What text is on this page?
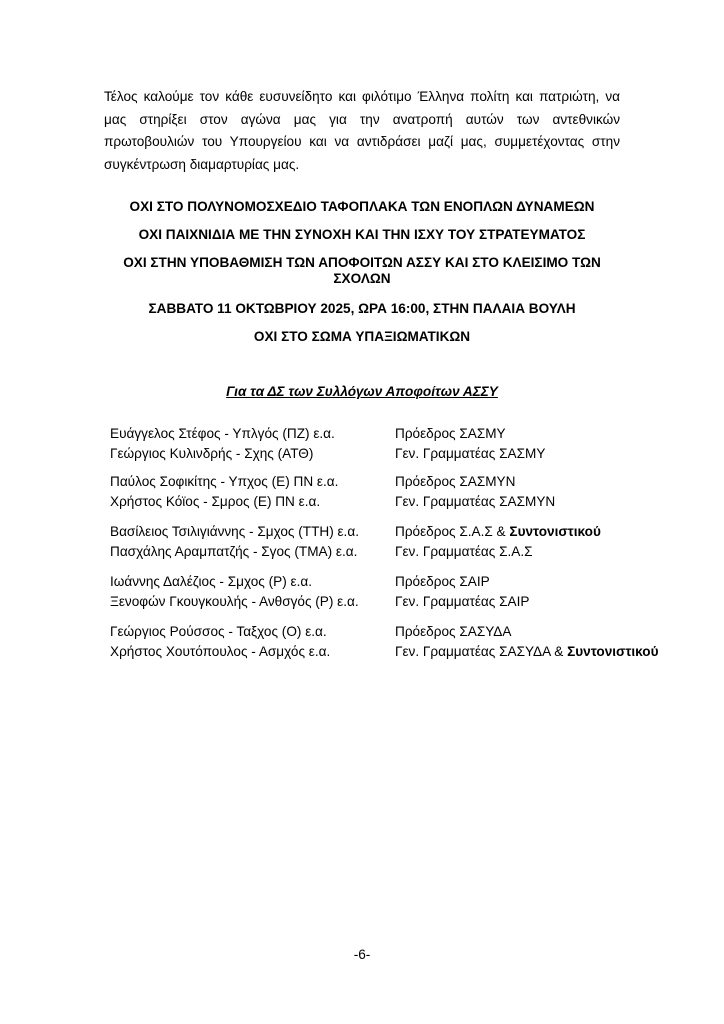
Τέλος καλούμε τον κάθε ευσυνείδητο και φιλότιμο Έλληνα πολίτη και πατριώτη, να μας στηρίξει στον αγώνα μας για την ανατροπή αυτών των αντεθνικών πρωτοβουλιών του Υπουργείου και να αντιδράσει μαζί μας, συμμετέχοντας στην συγκέντρωση διαμαρτυρίας μας.

ΟΧΙ ΣΤΟ ΠΟΛΥΝΟΜΟΣΧΕΔΙΟ ΤΑΦΟΠΛΑΚΑ ΤΩΝ ΕΝΟΠΛΩΝ ΔΥΝΑΜΕΩΝ

ΟΧΙ ΠΑΙΧΝΙΔΙΑ ΜΕ ΤΗΝ ΣΥΝΟΧΗ ΚΑΙ ΤΗΝ ΙΣΧΥ ΤΟΥ ΣΤΡΑΤΕΥΜΑΤΟΣ

ΟΧΙ ΣΤΗΝ ΥΠΟΒΑΘΜΙΣΗ ΤΩΝ ΑΠΟΦΟΙΤΩΝ ΑΣΣΥ ΚΑΙ ΣΤΟ ΚΛΕΙΣΙΜΟ ΤΩΝ ΣΧΟΛΩΝ

ΣΑΒΒΑΤΟ 11 ΟΚΤΩΒΡΙΟΥ 2025, ΩΡΑ 16:00, ΣΤΗΝ ΠΑΛΑΙΑ ΒΟΥΛΗ

ΟΧΙ ΣΤΟ ΣΩΜΑ ΥΠΑΞΙΩΜΑΤΙΚΩΝ

Για τα ΔΣ των Συλλόγων Αποφοίτων ΑΣΣΥ

Ευάγγελος Στέφος - Υπλγός (ΠΖ) ε.α.	Πρόεδρος ΣΑΣΜΥ
Γεώργιος Κυλινδρής - Σχης (ΑΤΘ)	Γεν. Γραμματέας ΣΑΣΜΥ
Παύλος Σοφικίτης - Υπχος (Ε) ΠΝ ε.α.	Πρόεδρος ΣΑΣΜΥΝ
Χρήστος Κόϊος - Σμρος (Ε) ΠΝ ε.α.	Γεν. Γραμματέας ΣΑΣΜΥΝ
Βασίλειος Τσιλιγιάννης - Σμχος (ΤΤΗ) ε.α.	Πρόεδρος Σ.Α.Σ & Συντονιστικού
Πασχάλης Αραμπατζής - Σγος (ΤΜΑ) ε.α.	Γεν. Γραμματέας Σ.Α.Σ
Ιωάννης Δαλέζιος - Σμχος (Ρ) ε.α.	Πρόεδρος ΣΑΙΡ
Ξενοφών Γκουγκουλής - Ανθσγός (Ρ) ε.α.	Γεν. Γραμματέας ΣΑΙΡ
Γεώργιος Ρούσσος - Ταξχος (Ο) ε.α.	Πρόεδρος ΣΑΣΥΔΑ
Χρήστος Χουτόπουλος - Ασμχός ε.α.	Γεν. Γραμματέας ΣΑΣΥΔΑ & Συντονιστικού

-6-
